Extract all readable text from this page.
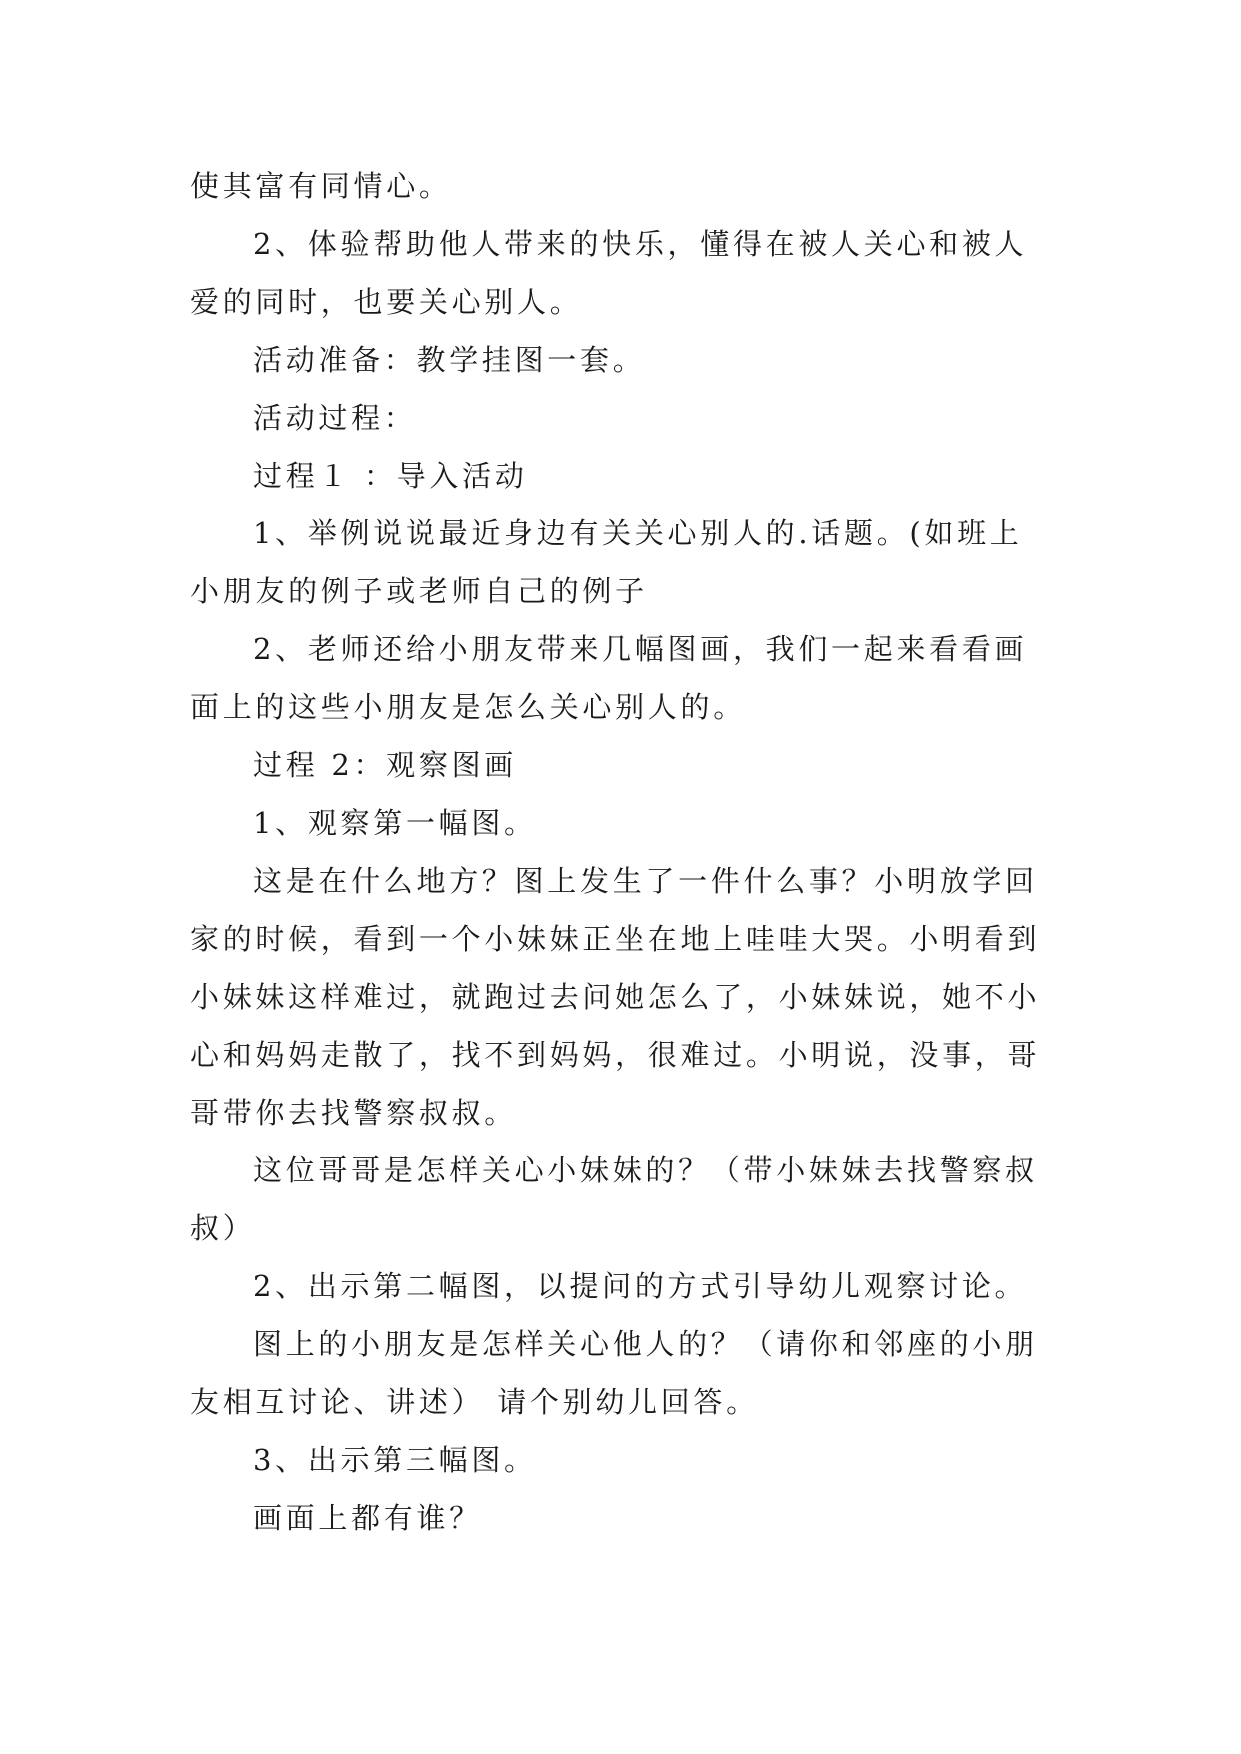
使其富有同情心。

2、体验帮助他人带来的快乐，懂得在被人关心和被人爱的同时，也要关心别人。

活动准备：教学挂图一套。

活动过程：

过程１ ：导入活动

1、举例说说最近身边有关关心别人的.话题。(如班上小朋友的例子或老师自己的例子

2、老师还给小朋友带来几幅图画，我们一起来看看画面上的这些小朋友是怎么关心别人的。

过程 2：观察图画

1、观察第一幅图。

这是在什么地方？图上发生了一件什么事？小明放学回家的时候，看到一个小妹妹正坐在地上哇哇大哭。小明看到小妹妹这样难过，就跑过去问她怎么了，小妹妹说，她不小心和妈妈走散了，找不到妈妈，很难过。小明说，没事，哥哥带你去找警察叔叔。

这位哥哥是怎样关心小妹妹的？（带小妹妹去找警察叔叔）

2、出示第二幅图，以提问的方式引导幼儿观察讨论。

图上的小朋友是怎样关心他人的？（请你和邻座的小朋友相互讨论、讲述） 请个别幼儿回答。

3、出示第三幅图。

画面上都有谁？
